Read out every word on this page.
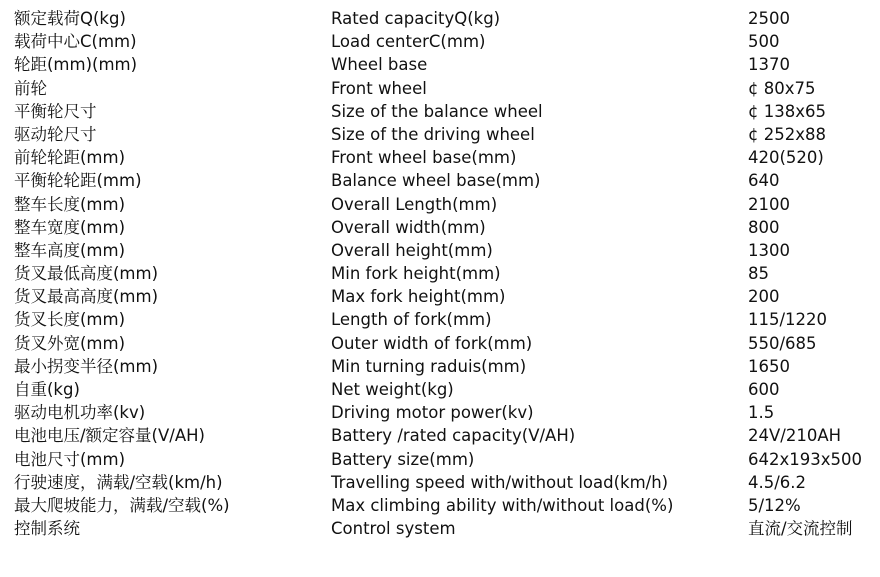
额定载荷Q(kg)	Rated capacityQ(kg)	2500
载荷中心C(mm)	Load centerC(mm)	500
轮距(mm)(mm)	Wheel base	1370
前轮	Front wheel	¢ 80x75
平衡轮尺寸	Size of the balance wheel	¢ 138x65
驱动轮尺寸	Size of the driving wheel	¢ 252x88
前轮轮距(mm)	Front wheel base(mm)	420(520)
平衡轮轮距(mm)	Balance wheel base(mm)	640
整车长度(mm)	Overall Length(mm)	2100
整车宽度(mm)	Overall width(mm)	800
整车高度(mm)	Overall height(mm)	1300
货叉最低高度(mm)	Min fork height(mm)	85
货叉最高高度(mm)	Max fork height(mm)	200
货叉长度(mm)	Length of fork(mm)	115/1220
货叉外宽(mm)	Outer width of fork(mm)	550/685
最小拐变半径(mm)	Min turning raduis(mm)	1650
自重(kg)	Net weight(kg)	600
驱动电机功率(kv)	Driving motor power(kv)	1.5
电池电压/额定容量(V/AH)	Battery /rated capacity(V/AH)	24V/210AH
电池尺寸(mm)	Battery size(mm)	642x193x500
行驶速度，满载/空载(km/h)	Travelling speed with/without load(km/h)	4.5/6.2
最大爬坡能力，满载/空载(%)	Max climbing ability with/without load(%)	5/12%
控制系统	Control system	直流/交流控制
